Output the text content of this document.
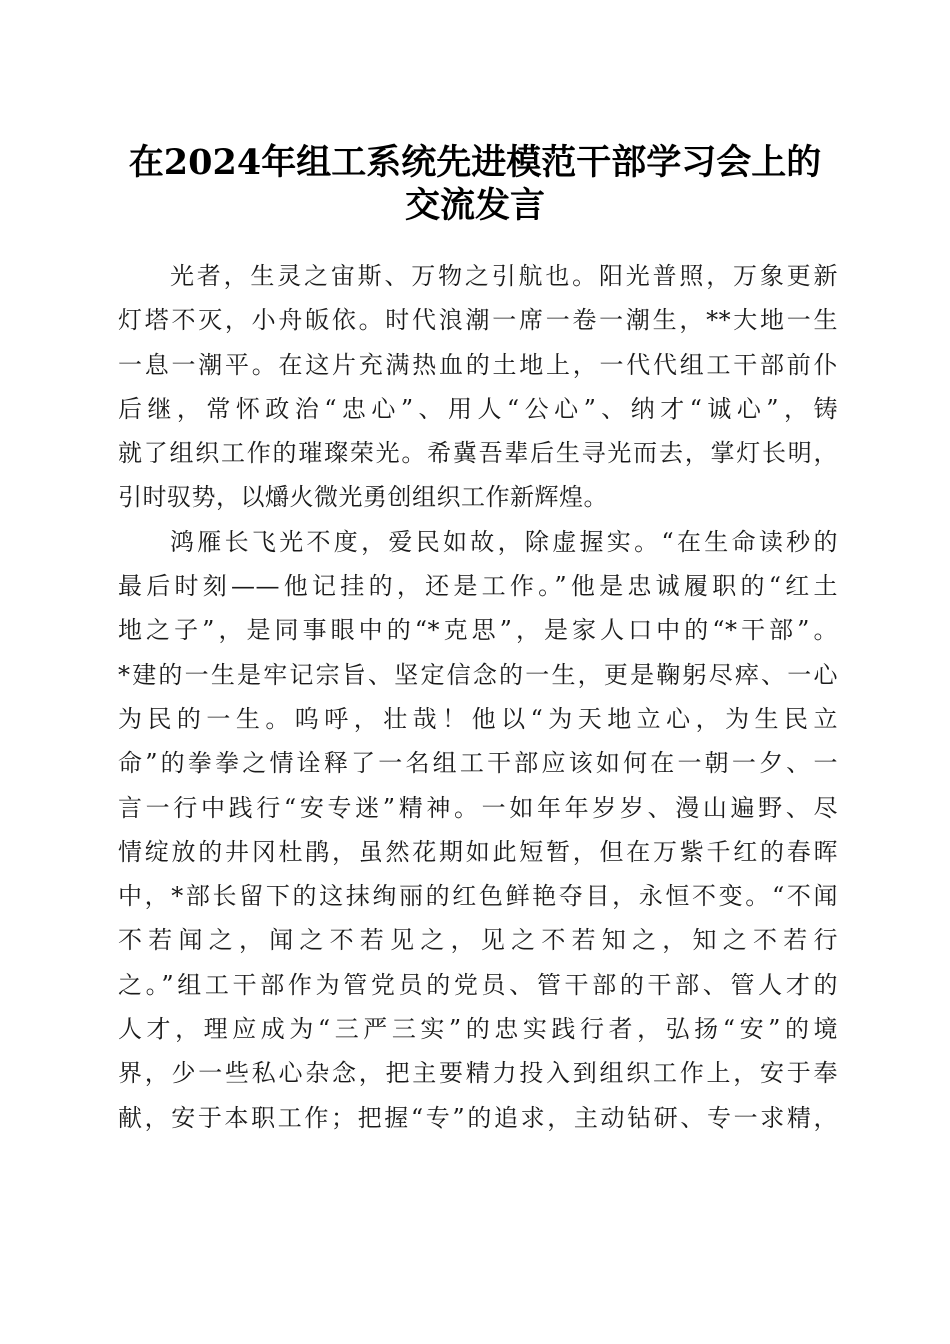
在2024年组工系统先进模范干部学习会上的
交流发言
光者，生灵之宙斯、万物之引航也。阳光普照，万象更新
灯塔不灭，小舟皈依。时代浪潮一席一卷一潮生，**大地一生
一息一潮平。在这片充满热血的土地上，一代代组工干部前仆
后继，常怀政治“忠心”、用人“公心”、纳才“诚心”，铸
就了组织工作的璀璨荣光。希冀吾辈后生寻光而去，掌灯长明，
引时驭势，以爝火微光勇创组织工作新辉煌。
鸿雁长飞光不度，爱民如故，除虚握实。“在生命读秒的
最后时刻——他记挂的，还是工作。”他是忠诚履职的“红土
地之子”，是同事眼中的“*克思”，是家人口中的“*干部”。
*建的一生是牢记宗旨、坚定信念的一生，更是鞠躬尽瘁、一心
为民的一生。呜呼，壮哉！他以“为天地立心，为生民立
命”的拳拳之情诠释了一名组工干部应该如何在一朝一夕、一
言一行中践行“安专迷”精神。一如年年岁岁、漫山遍野、尽
情绽放的井冈杜鹃，虽然花期如此短暂，但在万紫千红的春晖
中，*部长留下的这抹绚丽的红色鲜艳夺目，永恒不变。“不闻
不若闻之，闻之不若见之，见之不若知之，知之不若行
之。”组工干部作为管党员的党员、管干部的干部、管人才的
人才，理应成为“三严三实”的忠实践行者，弘扬“安”的境
界，少一些私心杂念，把主要精力投入到组织工作上，安于奉
献，安于本职工作；把握“专”的追求，主动钻研、专一求精，
